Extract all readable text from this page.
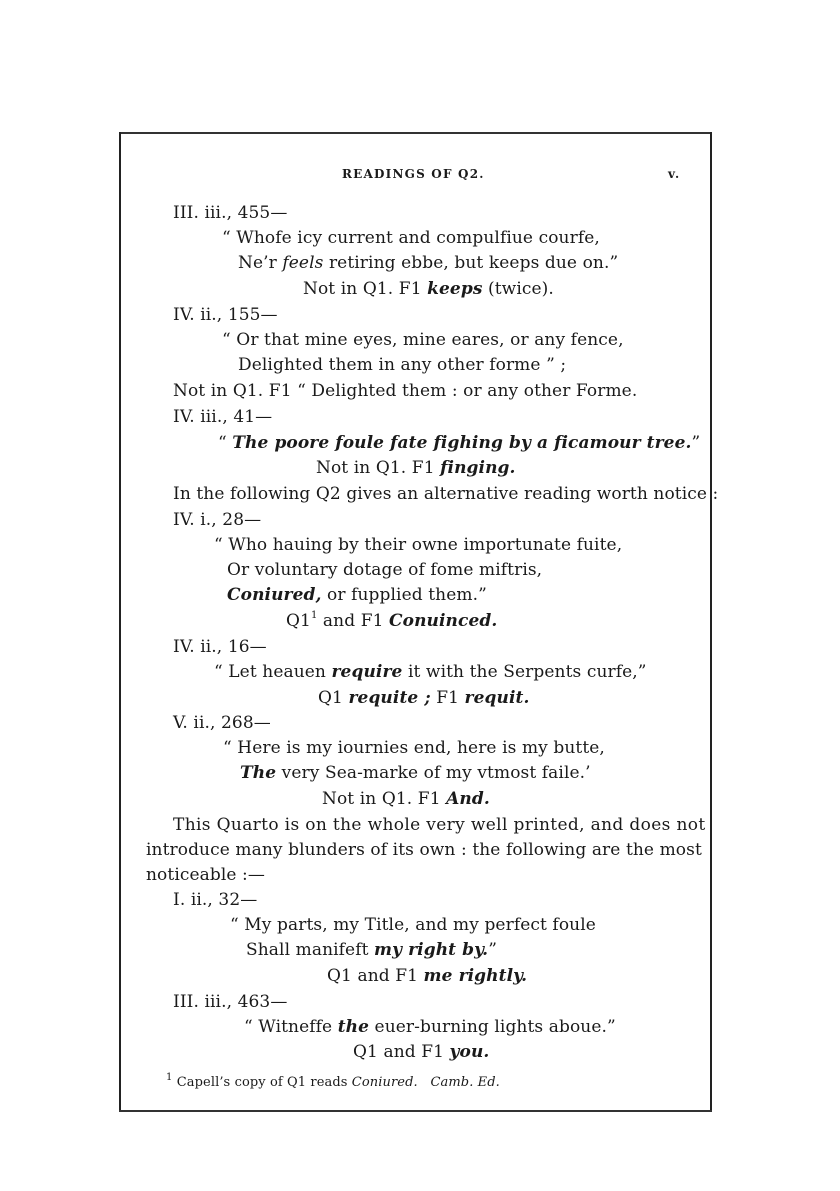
READINGS OF Q2.	v.
III. iii., 455—
“ Whofe icy current and compulfiue courfe,
Ne’r feels retiring ebbe, but keeps due on.”
Not in Q1. F1 keeps (twice).
IV. ii., 155—
“ Or that mine eyes, mine eares, or any fence,
Delighted them in any other forme ” ;
Not in Q1. F1 “ Delighted them : or any other Forme.
IV. iii., 41—
“ The poore foule fate fighing by a ficamour tree.”
Not in Q1. F1 finging.
In the following Q2 gives an alternative reading worth notice :
IV. i., 28—
“ Who hauing by their owne importunate fuite,
Or voluntary dotage of fome miftris,
Coniured, or fupplied them.”
$Q1^1$ and F1 Conuinced.
IV. ii., 16—
“ Let heauen require it with the Serpents curfe,”
Q1 requite ; F1 requit.
V. ii., 268—
“ Here is my iournies end, here is my butte,
The very Sea-marke of my vtmost faile.’
Not in Q1. F1 And.
This Quarto is on the whole very well printed, and does not
introduce many blunders of its own : the following are the most
noticeable :—
I. ii., 32—
“ My parts, my Title, and my perfect foule
Shall manifeft my right by.”
Q1 and F1 me rightly.
III. iii., 463—
“ Witneffe the euer-burning lights aboue.”
Q1 and F1 you.
$^1$ Capell’s copy of Q1 reads Coniured. Camb. Ed.
